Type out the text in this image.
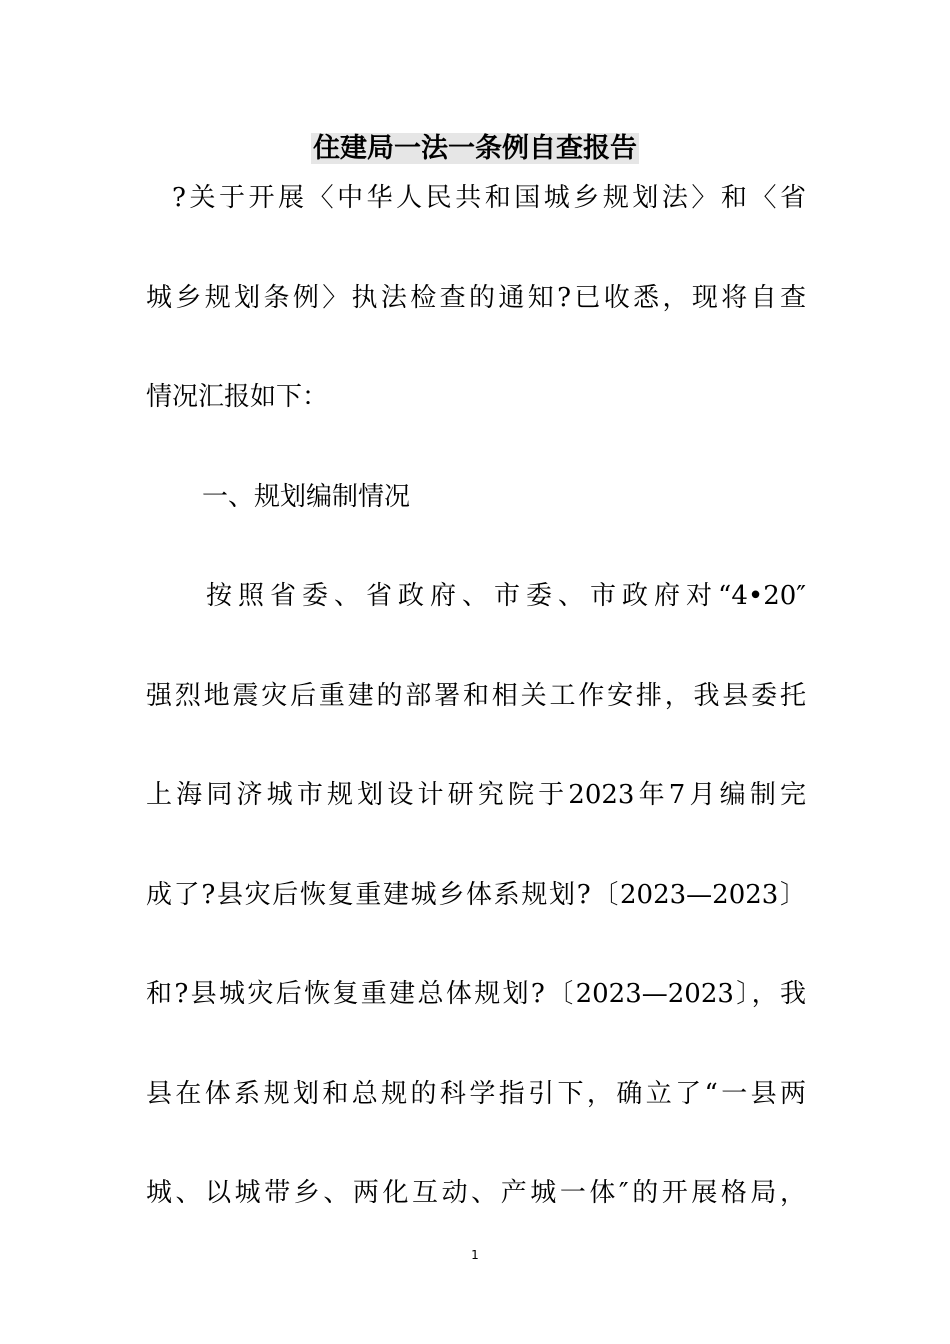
住建局一法一条例自查报告
?关于开展〈中华人民共和国城乡规划法〉和〈省
城乡规划条例〉执法检查的通知?已收悉，现将自查
情况汇报如下：
一、规划编制情况
按照省委、省政府、市委、市政府对“4•20″
强烈地震灾后重建的部署和相关工作安排，我县委托
上海同济城市规划设计研究院于2023年7月编制完
成了?县灾后恢复重建城乡体系规划?〔2023—2023〕
和?县城灾后恢复重建总体规划?〔2023—2023〕，我
县在体系规划和总规的科学指引下，确立了“一县两
城、以城带乡、两化互动、产城一体″的开展格局，
1
